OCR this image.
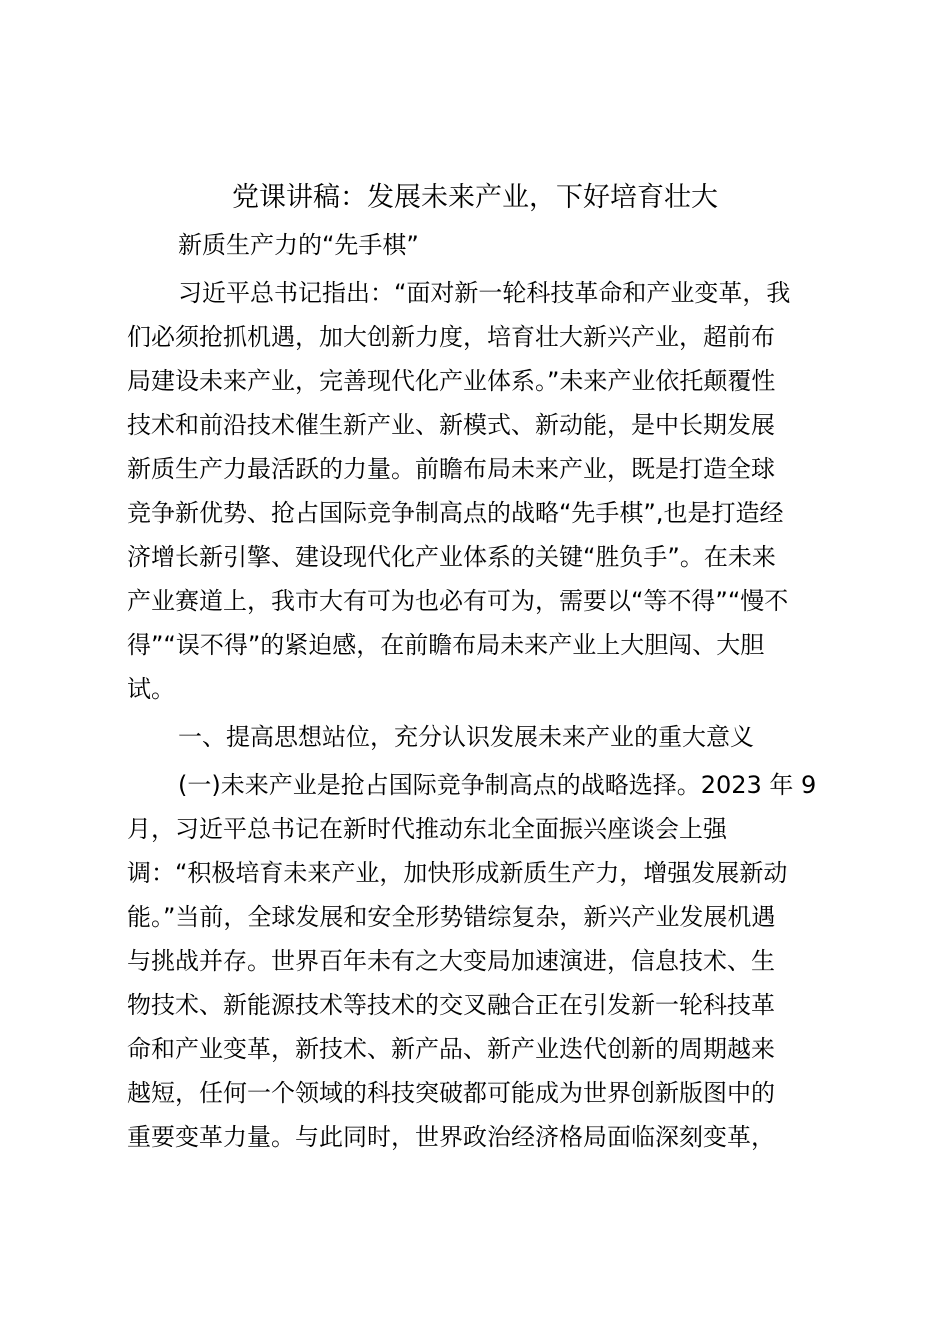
党课讲稿：发展未来产业，下好培育壮大
新质生产力的“先手棋”
习近平总书记指出：“面对新一轮科技革命和产业变革，我
们必须抢抓机遇，加大创新力度，培育壮大新兴产业，超前布
局建设未来产业，完善现代化产业体系。”未来产业依托颠覆性
技术和前沿技术催生新产业、新模式、新动能，是中长期发展
新质生产力最活跃的力量。前瞻布局未来产业，既是打造全球
竞争新优势、抢占国际竞争制高点的战略“先手棋”,也是打造经
济增长新引擎、建设现代化产业体系的关键“胜负手”。在未来
产业赛道上，我市大有可为也必有可为，需要以“等不得”“慢不
得”“误不得”的紧迫感，在前瞻布局未来产业上大胆闯、大胆
试。
一、提高思想站位，充分认识发展未来产业的重大意义
(一)未来产业是抢占国际竞争制高点的战略选择。2023 年 9
月，习近平总书记在新时代推动东北全面振兴座谈会上强
调：“积极培育未来产业，加快形成新质生产力，增强发展新动
能。”当前，全球发展和安全形势错综复杂，新兴产业发展机遇
与挑战并存。世界百年未有之大变局加速演进，信息技术、生
物技术、新能源技术等技术的交叉融合正在引发新一轮科技革
命和产业变革，新技术、新产品、新产业迭代创新的周期越来
越短，任何一个领域的科技突破都可能成为世界创新版图中的
重要变革力量。与此同时，世界政治经济格局面临深刻变革，
